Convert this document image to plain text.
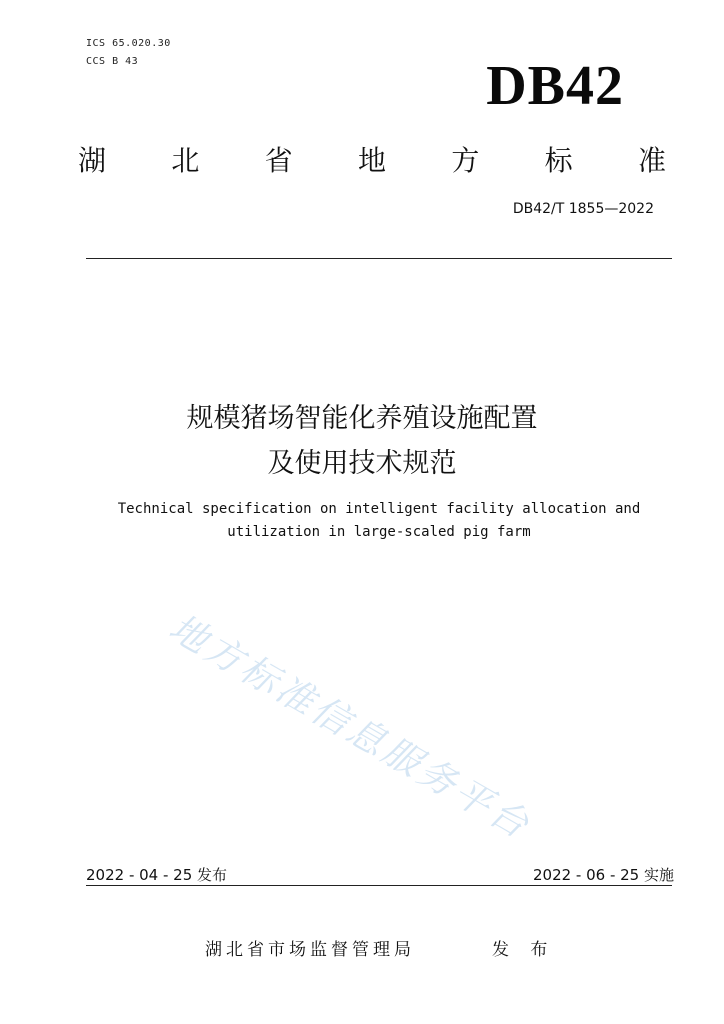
ICS 65.020.30
CCS B 43	DB42
湖 北 省 地 方 标 准
DB42/T 1855—2022
规模猪场智能化养殖设施配置
及使用技术规范
Technical specification on intelligent facility allocation and
utilization in large-scaled pig farm
地方标准信息服务平台
2022 - 04 - 25 发布	2022 - 06 - 25 实施
湖北省市场监督管理局	发 布
